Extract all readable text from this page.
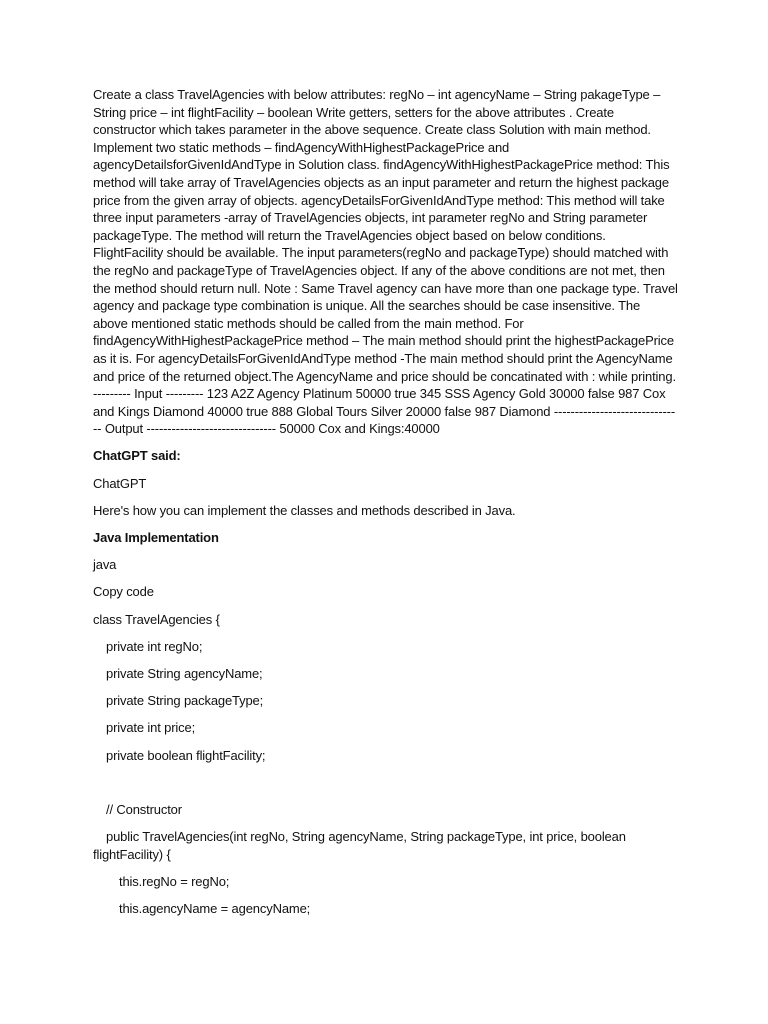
Create a class TravelAgencies with below attributes: regNo – int agencyName – String pakageType – String price – int flightFacility – boolean Write getters, setters for the above attributes . Create constructor which takes parameter in the above sequence. Create class Solution with main method. Implement two static methods – findAgencyWithHighestPackagePrice and agencyDetailsforGivenIdAndType in Solution class. findAgencyWithHighestPackagePrice method: This method will take array of TravelAgencies objects as an input parameter and return the highest package price from the given array of objects. agencyDetailsForGivenIdAndType method: This method will take three input parameters -array of TravelAgencies objects, int parameter regNo and String parameter packageType. The method will return the TravelAgencies object based on below conditions. FlightFacility should be available. The input parameters(regNo and packageType) should matched with the regNo and packageType of TravelAgencies object. If any of the above conditions are not met, then the method should return null. Note : Same Travel agency can have more than one package type. Travel agency and package type combination is unique. All the searches should be case insensitive. The above mentioned static methods should be called from the main method. For findAgencyWithHighestPackagePrice method – The main method should print the highestPackagePrice as it is. For agencyDetailsForGivenIdAndType method -The main method should print the AgencyName and price of the returned object.The AgencyName and price should be concatinated with : while printing. --------- Input --------- 123 A2Z Agency Platinum 50000 true 345 SSS Agency Gold 30000 false 987 Cox and Kings Diamond 40000 true 888 Global Tours Silver 20000 false 987 Diamond ------------------------------- Output ------------------------------- 50000 Cox and Kings:40000

ChatGPT said:

ChatGPT

Here's how you can implement the classes and methods described in Java.

Java Implementation

java

Copy code

class TravelAgencies {

private int regNo;

private String agencyName;

private String packageType;

private int price;

private boolean flightFacility;

// Constructor

public TravelAgencies(int regNo, String agencyName, String packageType, int price, boolean flightFacility) {

this.regNo = regNo;

this.agencyName = agencyName;
